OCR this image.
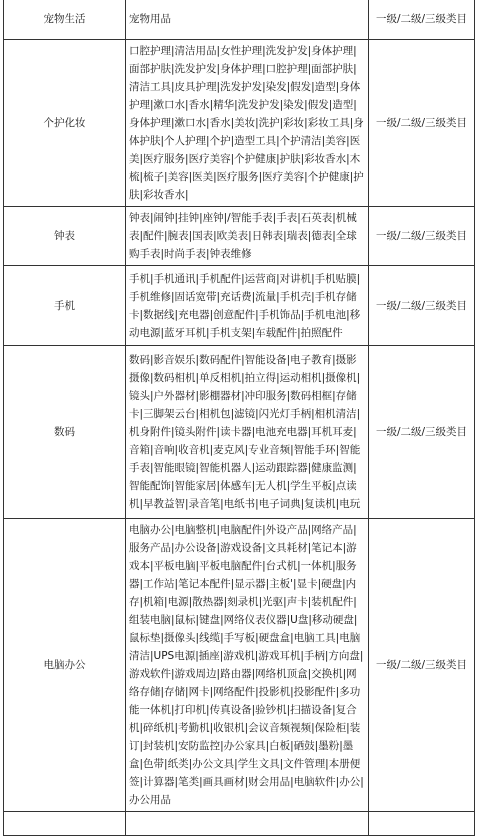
宠物生活	宠物用品	一级/二级/三级类目
个护化妆	口腔护理|清洁用品|女性护理|洗发护发|身体护理|面部护肤|洗发护发|身体护理|口腔护理|面部护肤|清洁工具|皮具护理|洗发护发|染发|假发|造型|身体护理|漱口水|香水|精华|洗发护发|染发|假发|造型|身体护理|漱口水|香水|美妆|洗护|彩妆|彩妆工具|身体护肤|个人护理|个护|造型工具|个护清洁|美容|医美|医疗服务|医疗美容|个护健康|护肤|彩妆香水|木梳|梳子|美容|医美|医疗服务|医疗美容|个护健康|护肤|彩妆香水|	一级/二级/三级类目
钟表	钟表|闹钟|挂钟|座钟|/智能手表|手表|石英表|机械表|配件|腕表|国表|欧美表|日韩表|瑞表|德表|全球购手表|时尚手表|钟表维修	一级/二级/三级类目
手机	手机|手机通讯|手机配件|运营商|对讲机|手机贴膜|手机维修|固话宽带|充话费|流量|手机壳|手机存储卡|数据线|充电器|创意配件|手机饰品|手机电池|移动电源|蓝牙耳机|手机支架|车载配件|拍照配件	一级/二级/三级类目
数码	数码|影音娱乐|数码配件|智能设备|电子教育|摄影摄像|数码相机|单反相机|拍立得|运动相机|摄像机|镜头|户外器材|影棚器材|冲印服务|数码相框|存储卡|三脚架云台|相机包|滤镜|闪光灯手柄|相机清洁|机身附件|镜头附件|读卡器|电池充电器|耳机耳麦|音箱|音响|收音机|麦克风|专业音频|智能手环|智能手表|智能眼镜|智能机器人|运动跟踪器|健康监测|智能配饰|智能家居|体感车|无人机|学生平板|点读机|早教益智|录音笔|电纸书|电子词典|复读机|电玩	一级/二级/三级类目
电脑办公	电脑办公|电脑整机|电脑配件|外设产品|网络产品|服务产品|办公设备|游戏设备|文具耗材|笔记本|游戏本|平板电脑|平板电脑配件|台式机|一体机|服务器|工作站|笔记本配件|显示器|主板'|显卡|硬盘|内存|机箱|电源|散热器|刻录机|光驱|声卡|装机配件|组装电脑|鼠标|键盘|网络仪表仪器|U盘|移动硬盘|鼠标垫|摄像头|线缆|手写板|硬盘盒|电脑工具|电脑清洁|UPS电源|插座|游戏机|游戏耳机|手柄|方向盘|游戏软件|游戏周边|路由器|网络机顶盒|交换机|网络存储|存储|网卡|网络配件|投影机|投影配件|多功能一体机|打印机|传真设备|验钞机|扫描设备|复合机|碎纸机|考勤机|收银机|会议音频视频|保险柜|装订|封装机|安防监控|办公家具|白板|硒鼓|墨粉|墨盒|色带|纸类|办公文具|学生文具|文件管理|本册便签|计算器|笔类|画具画材|财会用品|电脑软件|办公|办公用品	一级/二级/三级类目
